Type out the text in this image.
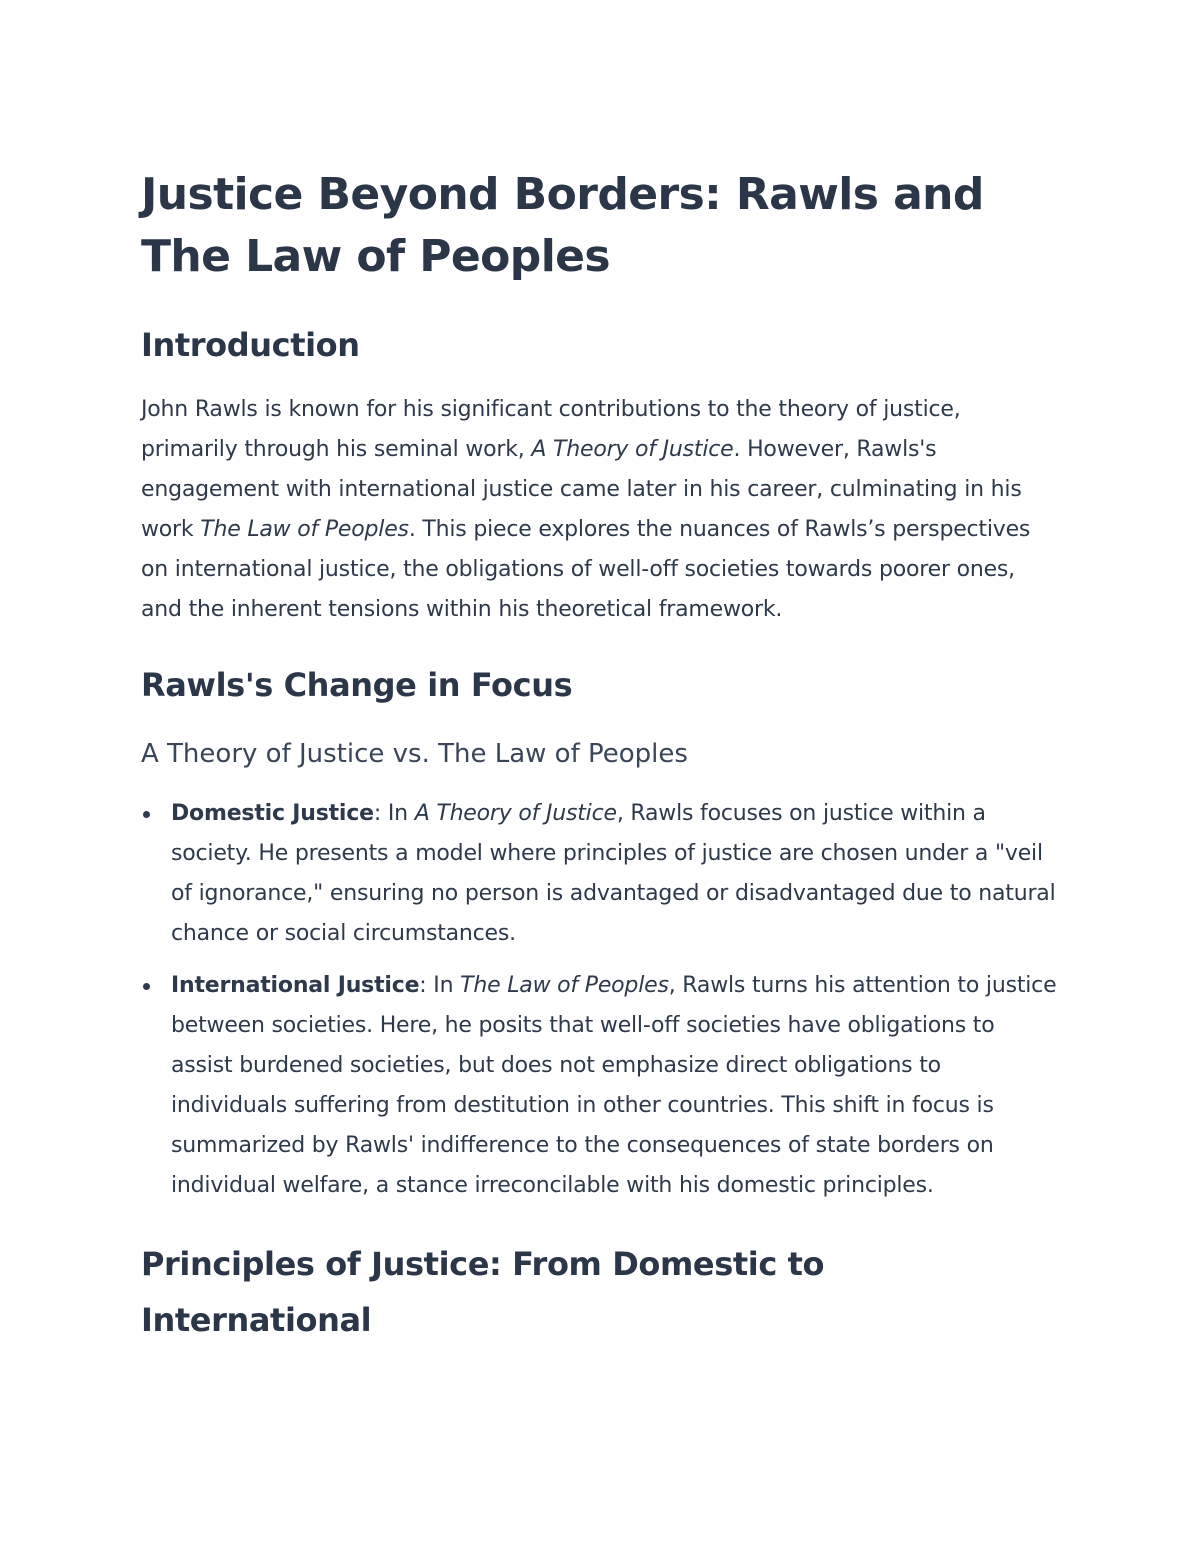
Justice Beyond Borders: Rawls and The Law of Peoples
Introduction

John Rawls is known for his significant contributions to the theory of justice, primarily through his seminal work, A Theory of Justice. However, Rawls's engagement with international justice came later in his career, culminating in his work The Law of Peoples. This piece explores the nuances of Rawls’s perspectives on international justice, the obligations of well-off societies towards poorer ones, and the inherent tensions within his theoretical framework.

Rawls's Change in Focus
A Theory of Justice vs. The Law of Peoples
Domestic Justice: In A Theory of Justice, Rawls focuses on justice within a society. He presents a model where principles of justice are chosen under a "veil of ignorance," ensuring no person is advantaged or disadvantaged due to natural chance or social circumstances.
International Justice: In The Law of Peoples, Rawls turns his attention to justice between societies. Here, he posits that well-off societies have obligations to assist burdened societies, but does not emphasize direct obligations to individuals suffering from destitution in other countries. This shift in focus is summarized by Rawls' indifference to the consequences of state borders on individual welfare, a stance irreconcilable with his domestic principles.
Principles of Justice: From Domestic to International
